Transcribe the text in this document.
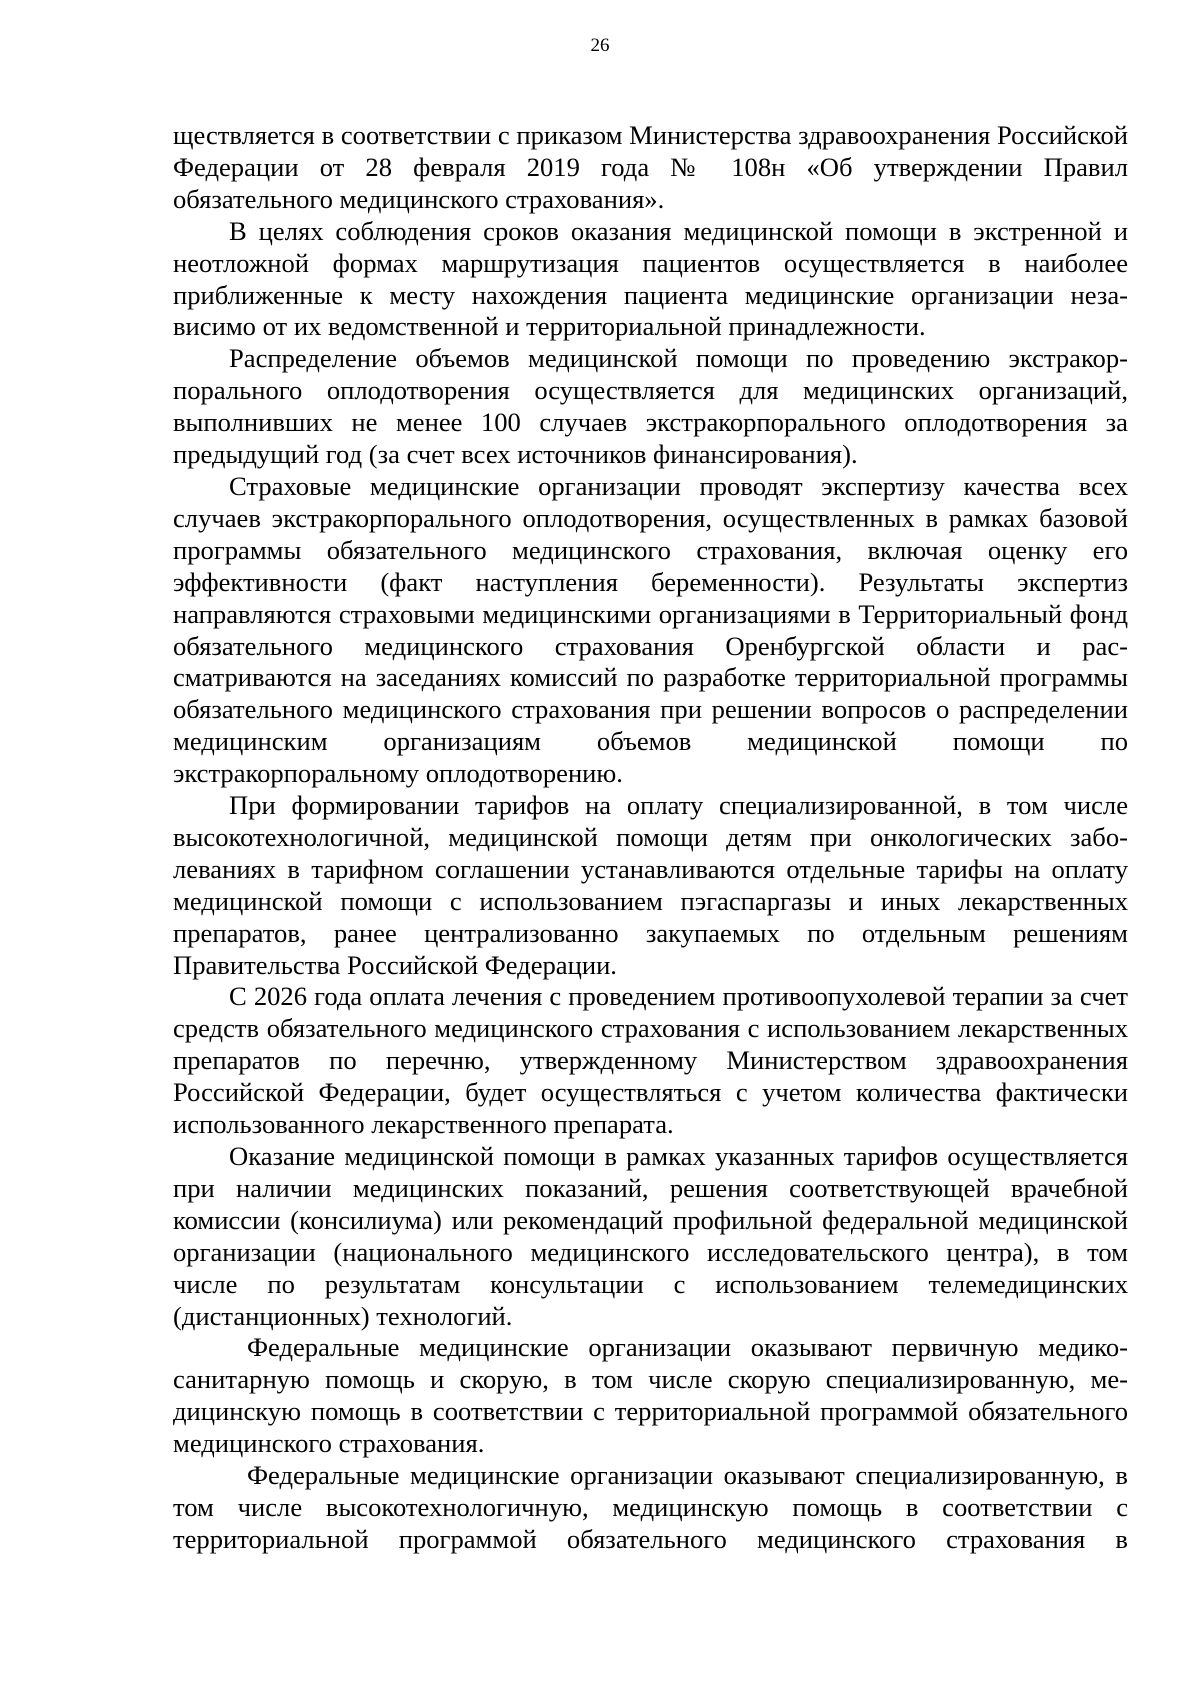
26

ществляется в соответствии с приказом Министерства здравоохранения Российской Федерации от 28 февраля 2019 года № 108н «Об утверждении Правил обязательного медицинского страхования».

В целях соблюдения сроков оказания медицинской помощи в экстренной и неотложной формах маршрутизация пациентов осуществляется в наиболее приближенные к месту нахождения пациента медицинские организации независимо от их ведомственной и территориальной принадлежности.

Распределение объемов медицинской помощи по проведению экстракорпорального оплодотворения осуществляется для медицинских организаций, выполнивших не менее 100 случаев экстракорпорального оплодотворения за предыдущий год (за счет всех источников финансирования).

Страховые медицинские организации проводят экспертизу качества всех случаев экстракорпорального оплодотворения, осуществленных в рамках базовой программы обязательного медицинского страхования, включая оценку его эффективности (факт наступления беременности). Результаты экспертиз направляются страховыми медицинскими организациями в Территориальный фонд обязательного медицинского страхования Оренбургской области и рассматриваются на заседаниях комиссий по разработке территориальной программы обязательного медицинского страхования при решении вопросов о распределении медицинским организациям объемов медицинской помощи по экстракорпоральному оплодотворению.

При формировании тарифов на оплату специализированной, в том числе высокотехнологичной, медицинской помощи детям при онкологических заболеваниях в тарифном соглашении устанавливаются отдельные тарифы на оплату медицинской помощи с использованием пэгаспаргазы и иных лекарственных препаратов, ранее централизованно закупаемых по отдельным решениям Правительства Российской Федерации.

С 2026 года оплата лечения с проведением противоопухолевой терапии за счет средств обязательного медицинского страхования с использованием лекарственных препаратов по перечню, утвержденному Министерством здравоохранения Российской Федерации, будет осуществляться с учетом количества фактически использованного лекарственного препарата.

Оказание медицинской помощи в рамках указанных тарифов осуществляется при наличии медицинских показаний, решения соответствующей врачебной комиссии (консилиума) или рекомендаций профильной федеральной медицинской организации (национального медицинского исследовательского центра), в том числе по результатам консультации с использованием телемедицинских (дистанционных) технологий.

Федеральные медицинские организации оказывают первичную медико-санитарную помощь и скорую, в том числе скорую специализированную, медицинскую помощь в соответствии с территориальной программой обязательного медицинского страхования.

Федеральные медицинские организации оказывают специализированную, в том числе высокотехнологичную, медицинскую помощь в соответствии с территориальной программой обязательного медицинского страхования в
